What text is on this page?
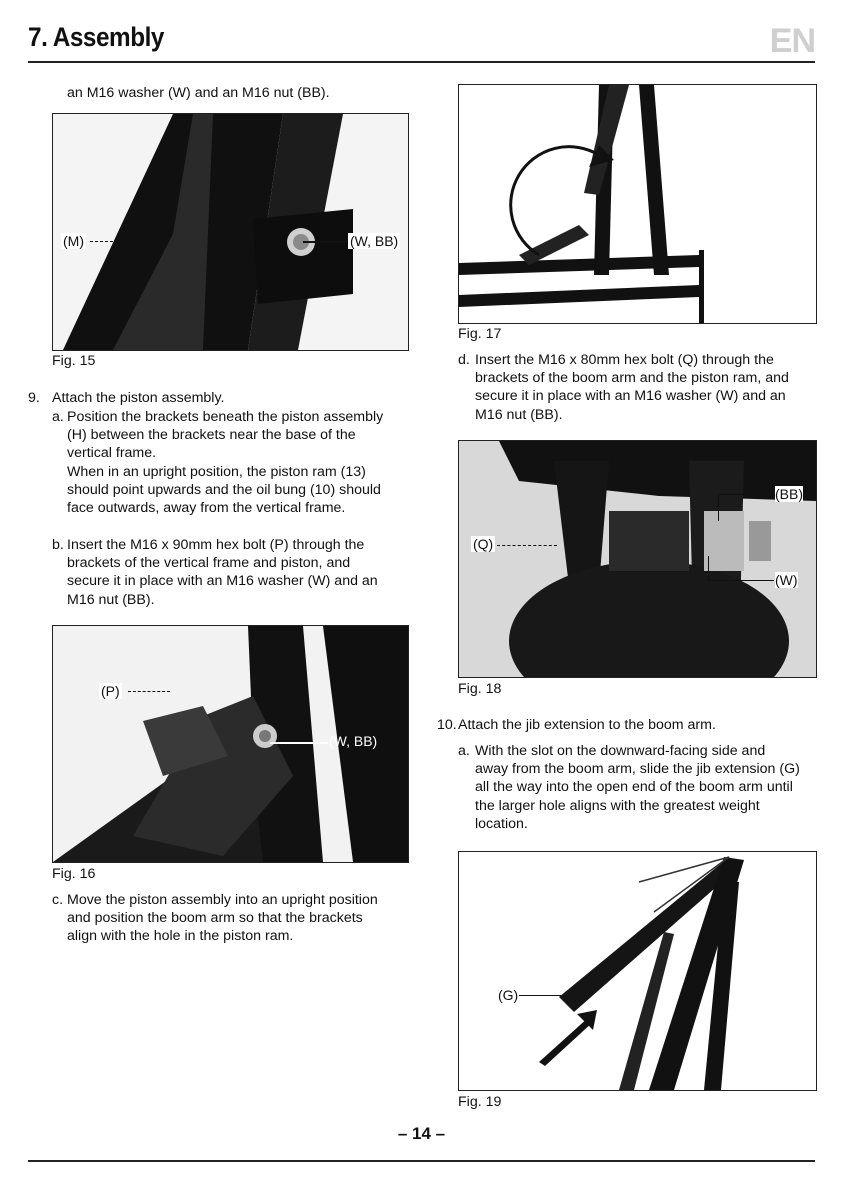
7. Assembly	EN
an M16 washer (W) and an M16 nut (BB).
(M)	(W, BB)
Fig. 15
9. Attach the piston assembly.
a. Position the brackets beneath the piston assembly

(H) between the brackets near the base of the

vertical frame.

When in an upright position, the piston ram (13)

should point upwards and the oil bung (10) should

face outwards, away from the vertical frame.

b. Insert the M16 x 90mm hex bolt (P) through the

brackets of the vertical frame and piston, and

secure it in place with an M16 washer (W) and an

M16 nut (BB).

(P)
(W, BB)
Fig. 16
c. Move the piston assembly into an upright position

and position the boom arm so that the brackets

align with the hole in the piston ram.

Fig. 17
d. Insert the M16 x 80mm hex bolt (Q) through the

brackets of the boom arm and the piston ram, and

secure it in place with an M16 washer (W) and an

M16 nut (BB).

(Q)
(BB)
(W)
Fig. 18
10. Attach the jib extension to the boom arm.
a. With the slot on the downward-facing side and

away from the boom arm, slide the jib extension (G)

all the way into the open end of the boom arm until

the larger hole aligns with the greatest weight

location.

(G)
Fig. 19
– 14 –
